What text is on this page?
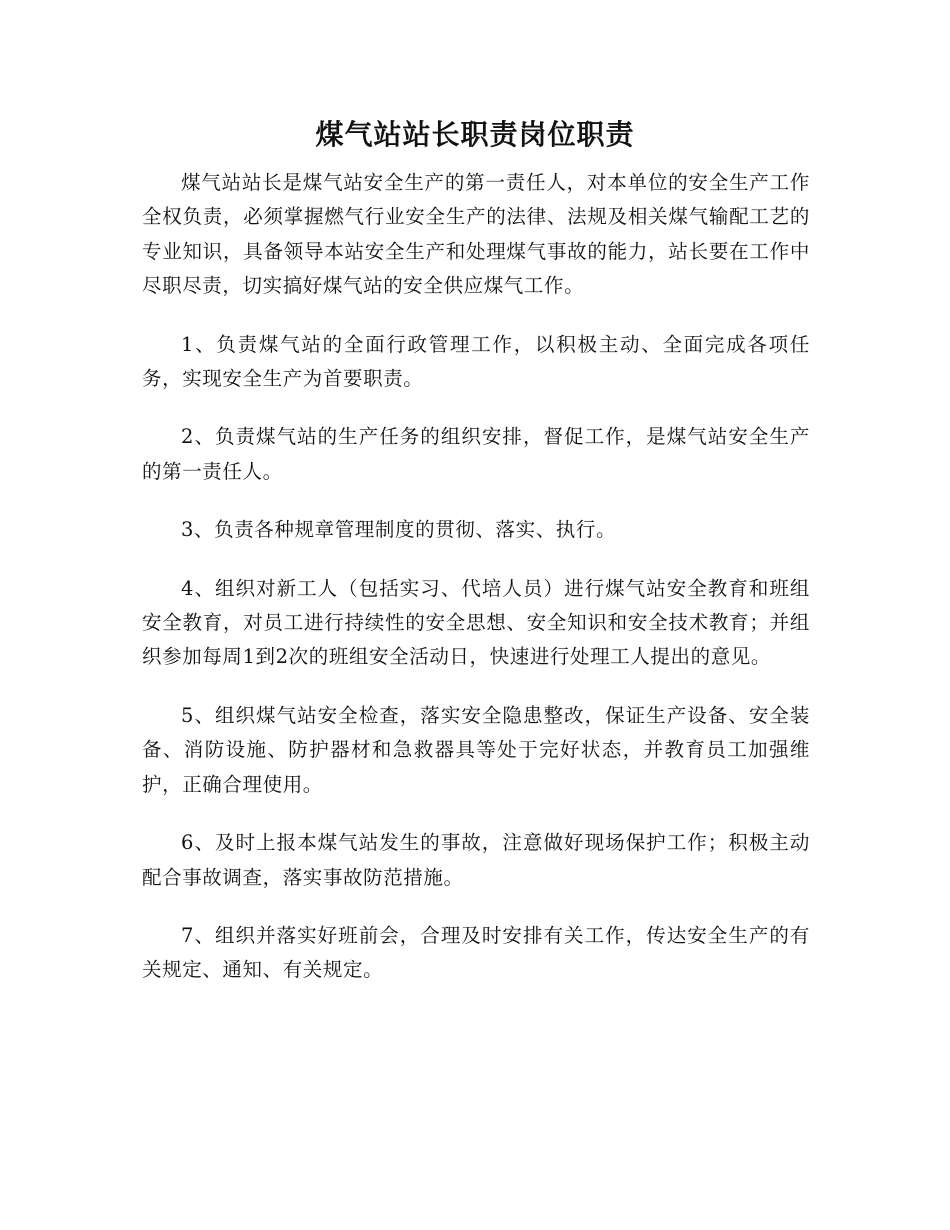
煤气站站长职责岗位职责

煤气站站长是煤气站安全生产的第一责任人，对本单位的安全生产工作全权负责，必须掌握燃气行业安全生产的法律、法规及相关煤气输配工艺的专业知识，具备领导本站安全生产和处理煤气事故的能力，站长要在工作中尽职尽责，切实搞好煤气站的安全供应煤气工作。

1、负责煤气站的全面行政管理工作，以积极主动、全面完成各项任务，实现安全生产为首要职责。

2、负责煤气站的生产任务的组织安排，督促工作，是煤气站安全生产的第一责任人。

3、负责各种规章管理制度的贯彻、落实、执行。

4、组织对新工人（包括实习、代培人员）进行煤气站安全教育和班组安全教育，对员工进行持续性的安全思想、安全知识和安全技术教育；并组织参加每周1到2次的班组安全活动日，快速进行处理工人提出的意见。

5、组织煤气站安全检查，落实安全隐患整改，保证生产设备、安全装备、消防设施、防护器材和急救器具等处于完好状态，并教育员工加强维护，正确合理使用。

6、及时上报本煤气站发生的事故，注意做好现场保护工作；积极主动配合事故调查，落实事故防范措施。

7、组织并落实好班前会，合理及时安排有关工作，传达安全生产的有关规定、通知、有关规定。
